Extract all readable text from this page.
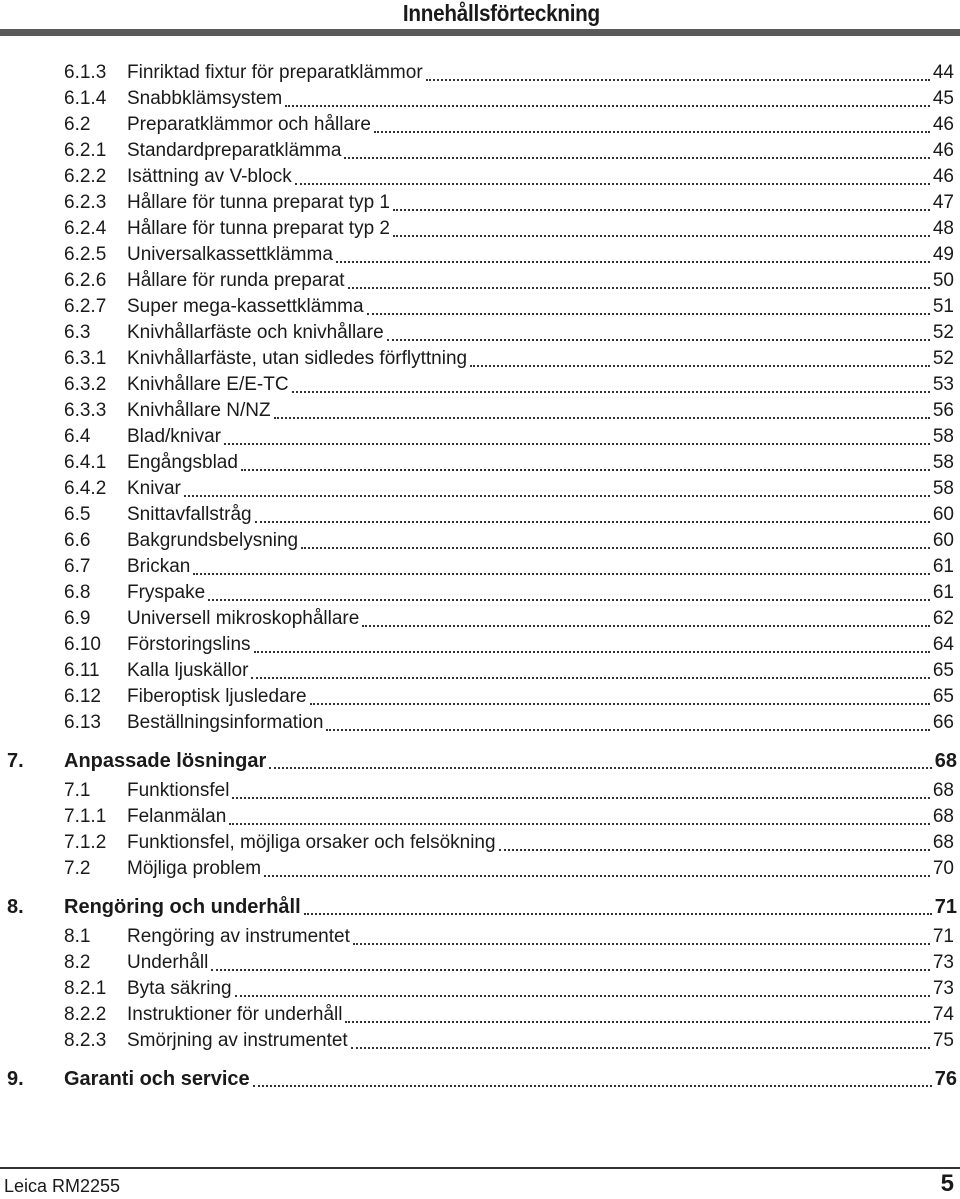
Innehållsförteckning
6.1.3	Finriktad fixtur för preparatklämmor	44
6.1.4	Snabbklämsystem	45
6.2	Preparatklämmor och hållare	46
6.2.1	Standardpreparatklämma	46
6.2.2	Isättning av V-block	46
6.2.3	Hållare för tunna preparat typ 1	47
6.2.4	Hållare för tunna preparat typ 2	48
6.2.5	Universalkassettklämma	49
6.2.6	Hållare för runda preparat	50
6.2.7	Super mega-kassettklämma	51
6.3	Knivhållarfäste och knivhållare	52
6.3.1	Knivhållarfäste, utan sidledes förflyttning	52
6.3.2	Knivhållare E/E-TC	53
6.3.3	Knivhållare N/NZ	56
6.4	Blad/knivar	58
6.4.1	Engångsblad	58
6.4.2	Knivar	58
6.5	Snittavfallstråg	60
6.6	Bakgrundsbelysning	60
6.7	Brickan	61
6.8	Fryspake	61
6.9	Universell mikroskophållare	62
6.10	Förstoringslins	64
6.11	Kalla ljuskällor	65
6.12	Fiberoptisk ljusledare	65
6.13	Beställningsinformation	66
7.	Anpassade lösningar	68
7.1	Funktionsfel	68
7.1.1	Felanmälan	68
7.1.2	Funktionsfel, möjliga orsaker och felsökning	68
7.2	Möjliga problem	70
8.	Rengöring och underhåll	71
8.1	Rengöring av instrumentet	71
8.2	Underhåll	73
8.2.1	Byta säkring	73
8.2.2	Instruktioner för underhåll	74
8.2.3	Smörjning av instrumentet	75
9.	Garanti och service	76
Leica RM2255	5
